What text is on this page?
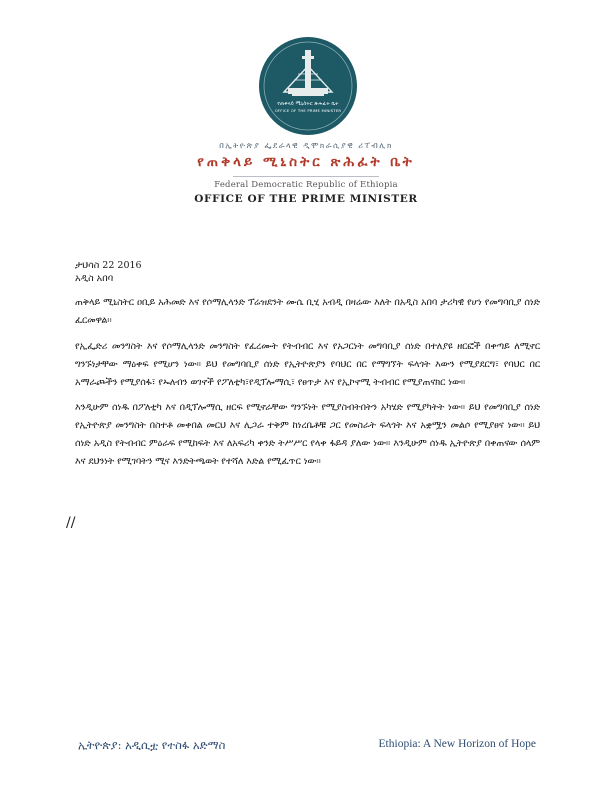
የጠቅላይ ሚኒስትር ጽሕፈት ቤት
OFFICE OF THE PRIME MINISTER
በኢትዮጵያ ፌደራላዊ ዲሞክራሲያዊ ሪፐብሊክ
የጠቅላይ ሚኒስትር ጽሕፈት ቤት
Federal Democratic Republic of Ethiopia
OFFICE OF THE PRIME MINISTER
ታህሳስ 22 2016
አዲስ አበባ
ጠቅላይ ሚኒስትር ዐቢይ አሕመድ እና የሶማሊላንድ ፕሬዝደንት ሙሴ ቢሂ አብዲ በዛሬው እለት በአዲስ አበባ ታሪካዊ የሆነ የመግባቢያ ሰነድ ፈርመዋል።
የኢፌድሪ መንግስት እና የሶማሊላንድ መንግስት የፈረሙት የትብብር እና የአጋርነት መግባቢያ ሰነድ በተለያዩ ዘርፎች በቀጣይ ለሚኖር ግንኙነታቸው ማዕቀፍ የሚሆን ነው። ይህ የመግባቢያ ሰነድ የኢትዮጵያን የባህር በር የማግኘት ፍላጎት እውን የሚያደርግ፣ የባህር በር አማራጮችን የሚያሰፋ፣ የኡለብን ወገኖች የፖለቲካ፣የዲፕሎማሲ፣ የፀጥታ እና የኢኮኖሚ ትብብር የሚያጠናክር ነው።
እንዲሁም ሰነዱ በፖለቲካ እና በዲፕሎማሲ ዘርፍ የሚኖራቸው ግንኙነት የሚያስብትበትን አካሄድ የሚያካትት ነው። ይህ የመግባቢያ ሰነድ የኢትዮጵያ መንግስት በስተቶ መቀበል መርህ እና ሊጋራ ተቅም ከነረቤቶቹ ጋር የመስራት ፍላጎት እና አቋሟን መልሶ የሚያፀና ነው። ይህ ሰነድ አዲስ የትብብር ምዕራፍ የሚከፍት እና ለአፍሪካ ቀንድ ትሥሥር የላቀ ፋይዳ ያለው ነው። እንዲሁም ሰነዱ ኢትዮጵያ በቀጠናው ሰላም እና ደህንነት የሚገባትን ሚና እንድትጫወት የተሻለ እድል የሚፈጥር ነው።
//
ኢትዮጵያ: አዲሲቷ የተስፋ አድማስ	Ethiopia: A New Horizon of Hope
